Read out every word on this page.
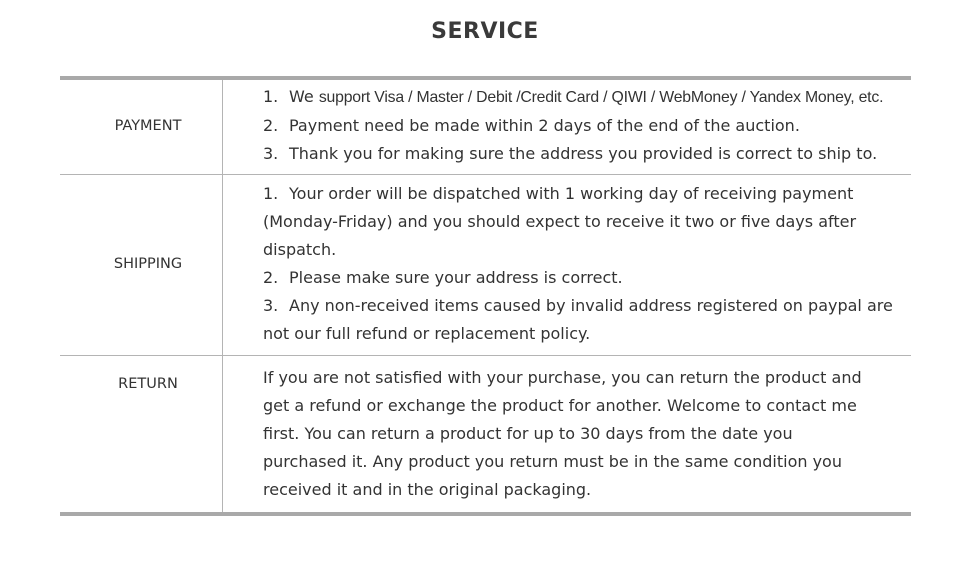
SERVICE
PAYMENT
1. We support Visa / Master / Debit /Credit Card / QIWI / WebMoney / Yandex Money, etc.
2. Payment need be made within 2 days of the end of the auction.
3. Thank you for making sure the address you provided is correct to ship to.
SHIPPING
1. Your order will be dispatched with 1 working day of receiving payment
(Monday-Friday) and you should expect to receive it two or five days after
dispatch.
2. Please make sure your address is correct.
3. Any non-received items caused by invalid address registered on paypal are
not our full refund or replacement policy.
RETURN	If you are not satisfied with your purchase, you can return the product and
get a refund or exchange the product for another. Welcome to contact me
first. You can return a product for up to 30 days from the date you
purchased it. Any product you return must be in the same condition you
received it and in the original packaging.
